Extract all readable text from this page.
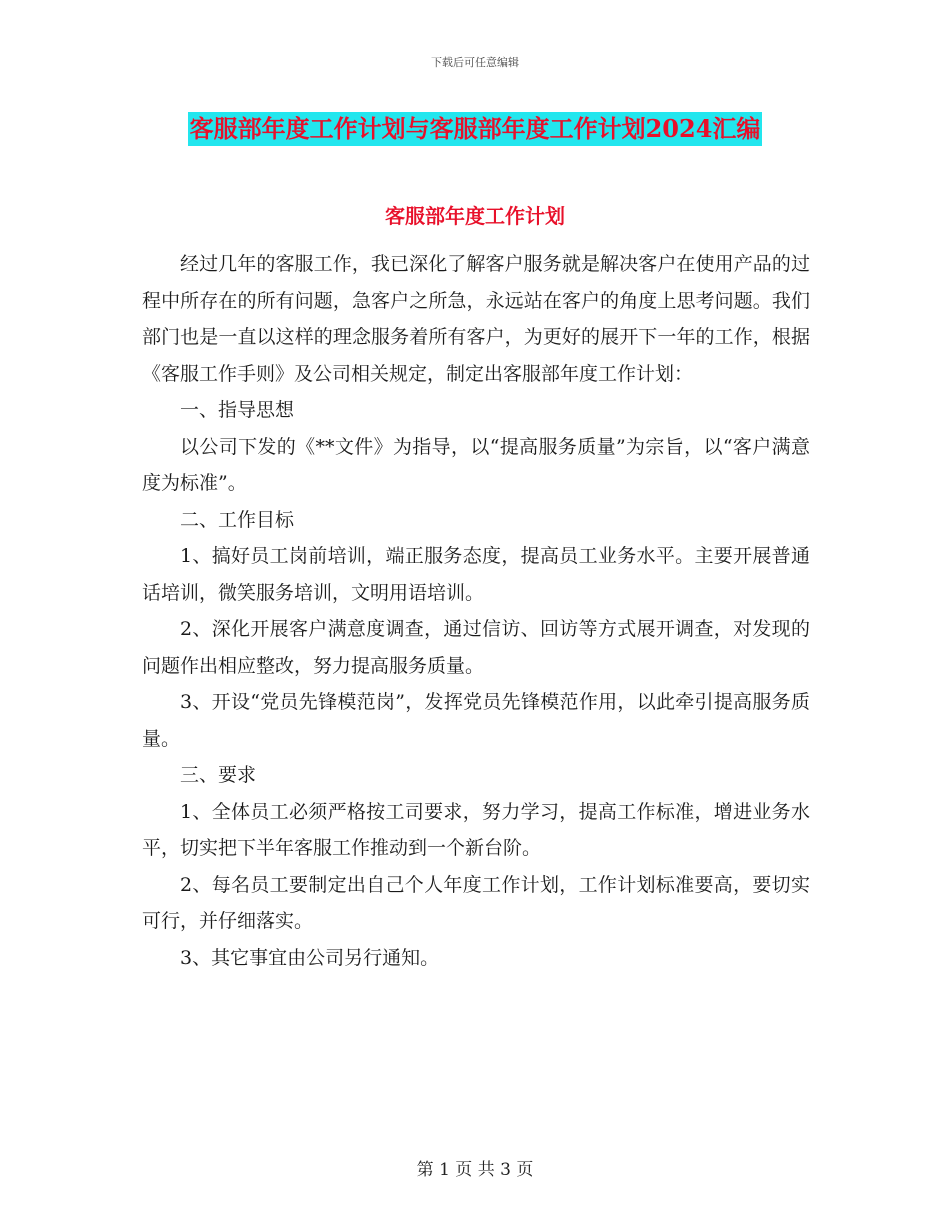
下载后可任意编辑
客服部年度工作计划与客服部年度工作计划2024汇编
客服部年度工作计划

经过几年的客服工作，我已深化了解客户服务就是解决客户在使用产品的过程中所存在的所有问题，急客户之所急，永远站在客户的角度上思考问题。我们部门也是一直以这样的理念服务着所有客户，为更好的展开下一年的工作，根据《客服工作手则》及公司相关规定，制定出客服部年度工作计划：

一、指导思想

以公司下发的《**文件》为指导，以“提高服务质量”为宗旨，以“客户满意度为标准”。

二、工作目标

1、搞好员工岗前培训，端正服务态度，提高员工业务水平。主要开展普通话培训，微笑服务培训，文明用语培训。

2、深化开展客户满意度调查，通过信访、回访等方式展开调查，对发现的问题作出相应整改，努力提高服务质量。

3、开设“党员先锋模范岗”，发挥党员先锋模范作用，以此牵引提高服务质量。

三、要求

1、全体员工必须严格按工司要求，努力学习，提高工作标准，增进业务水平，切实把下半年客服工作推动到一个新台阶。

2、每名员工要制定出自己个人年度工作计划，工作计划标准要高，要切实可行，并仔细落实。

3、其它事宜由公司另行通知。

第 1 页 共 3 页
